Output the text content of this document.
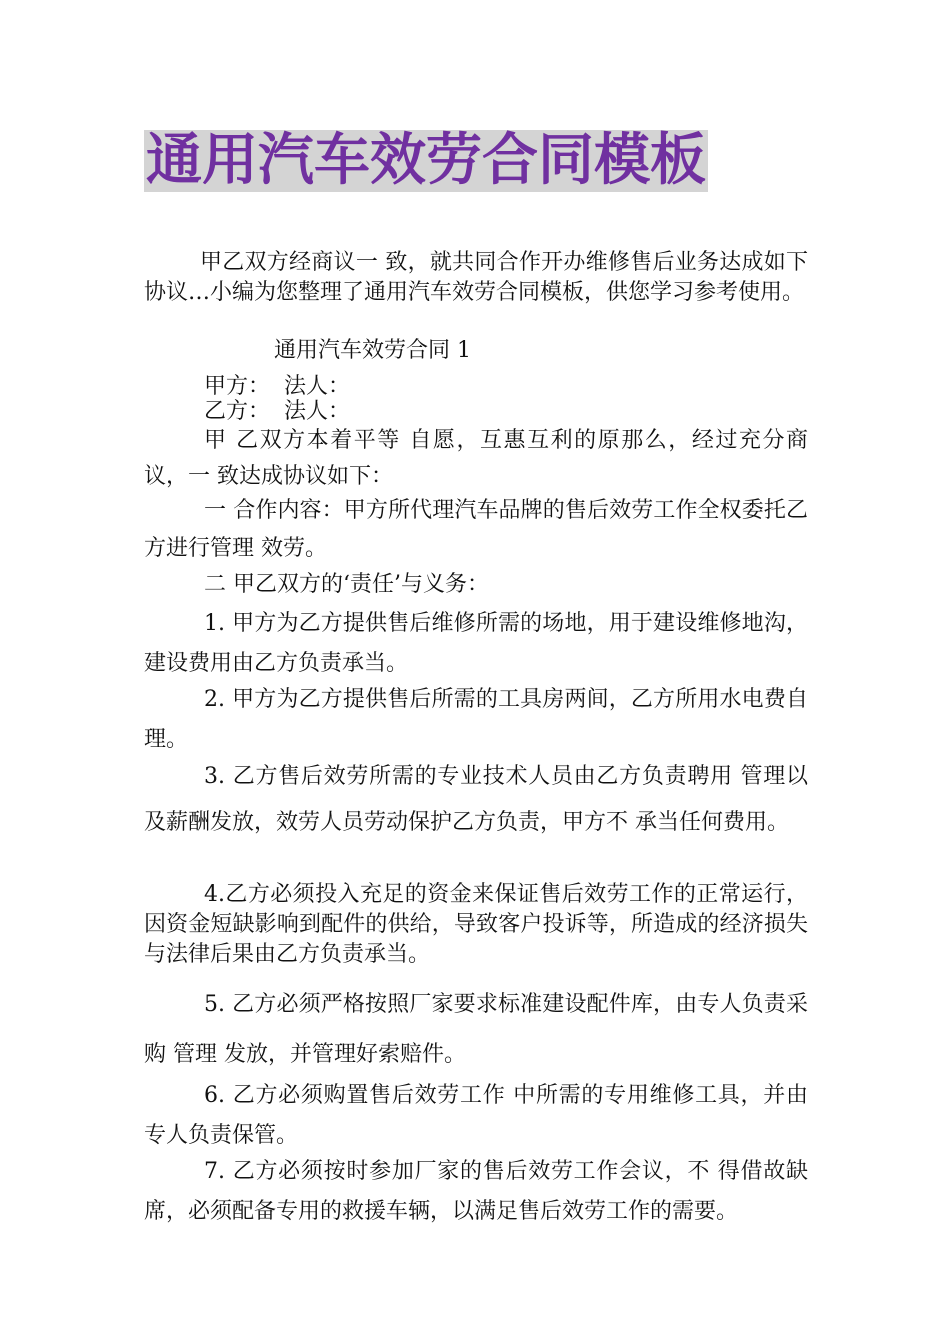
通用汽车效劳合同模板

甲乙双方经商议一 致，就共同合作开办维修售后业务达成如下协议…小编为您整理了通用汽车效劳合同模板，供您学习参考使用。

通用汽车效劳合同 1
甲方：  法人：
乙方：  法人：

甲 乙双方本着平等 自愿，互惠互利的原那么，经过充分商议，一 致达成协议如下：

一 合作内容：甲方所代理汽车品牌的售后效劳工作全权委托乙方进行管理 效劳。

二 甲乙双方的‘责任’与义务：

1. 甲方为乙方提供售后维修所需的场地，用于建设维修地沟，建设费用由乙方负责承当。

2. 甲方为乙方提供售后所需的工具房两间，乙方所用水电费自理。

3. 乙方售后效劳所需的专业技术人员由乙方负责聘用 管理以及薪酬发放，效劳人员劳动保护乙方负责，甲方不 承当任何费用。

4.乙方必须投入充足的资金来保证售后效劳工作的正常运行，因资金短缺影响到配件的供给，导致客户投诉等，所造成的经济损失与法律后果由乙方负责承当。

5. 乙方必须严格按照厂家要求标准建设配件库，由专人负责采购 管理 发放，并管理好索赔件。

6. 乙方必须购置售后效劳工作 中所需的专用维修工具，并由专人负责保管。

7. 乙方必须按时参加厂家的售后效劳工作会议，不 得借故缺席，必须配备专用的救援车辆，以满足售后效劳工作的需要。
